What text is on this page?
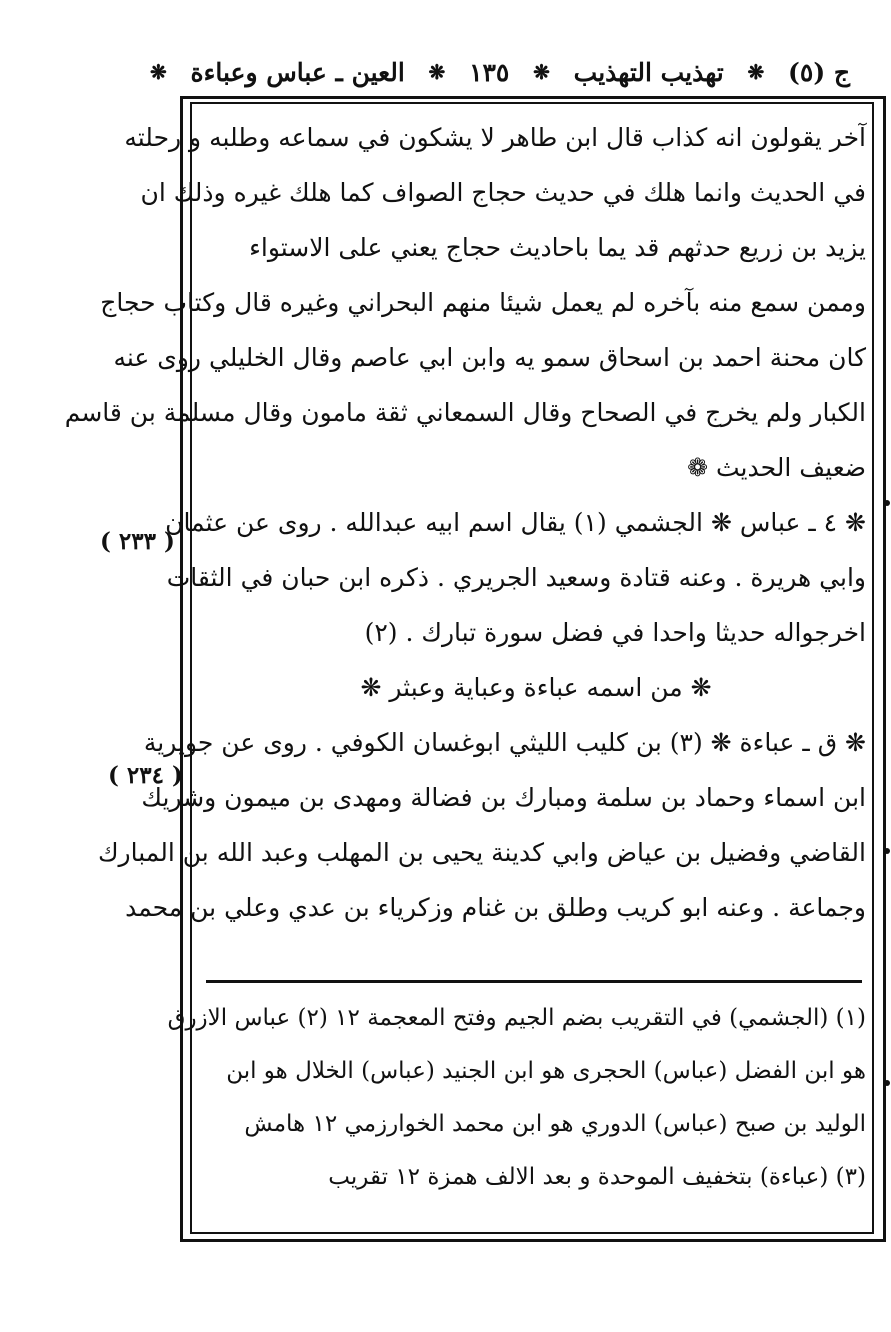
ج (٥)
❋
تهذيب التهذيب
❋
١٣٥
❋
العين ـ عباس وعباءة
❋
آخر يقولون انه كذاب قال ابن طاهر لا يشكون في سماعه وطلبه و رحلته
في الحديث وانما هلك في حديث حجاج الصواف كما هلك غيره وذلك ان
يزيد بن زريع حدثهم قد يما باحاديث حجاج يعني على الاستواء
وممن سمع منه بآخره لم يعمل شيئا منهم البحراني وغيره قال وكتاب حجاج
كان محنة احمد بن اسحاق سمو يه وابن ابي عاصم وقال الخليلي روى عنه
الكبار ولم يخرج في الصحاح وقال السمعاني ثقة مامون وقال مسلمة بن قاسم
ضعيف الحديث ❁
❋ ٤ ـ عباس ❋ الجشمي (١) يقال اسم ابيه عبدالله . روى عن عثمان
وابي هريرة . وعنه قتادة وسعيد الجريري . ذكره ابن حبان في الثقات
اخرجواله حديثا واحدا في فضل سورة تبارك . (٢)
❋ من اسمه عباءة وعباية وعبثر ❋
❋ ق ـ عباءة ❋ (٣) بن كليب الليثي ابوغسان الكوفي . روى عن جويرية
ابن اسماء وحماد بن سلمة ومبارك بن فضالة ومهدى بن ميمون وشريك
القاضي وفضيل بن عياض وابي كدينة يحيى بن المهلب وعبد الله بن المبارك
وجماعة . وعنه ابو كريب وطلق بن غنام وزكرياء بن عدي وعلي بن محمد
(١) (الجشمي) في التقريب بضم الجيم وفتح المعجمة ١٢ (٢) عباس الازرق
هو ابن الفضل (عباس) الحجرى هو ابن الجنيد (عباس) الخلال هو ابن
الوليد بن صبح (عباس) الدوري هو ابن محمد الخوارزمي ١٢ هامش
(٣) (عباءة) بتخفيف الموحدة و بعد الالف همزة ١٢ تقريب
( ٢٣٣ )
( ٢٣٤ )
